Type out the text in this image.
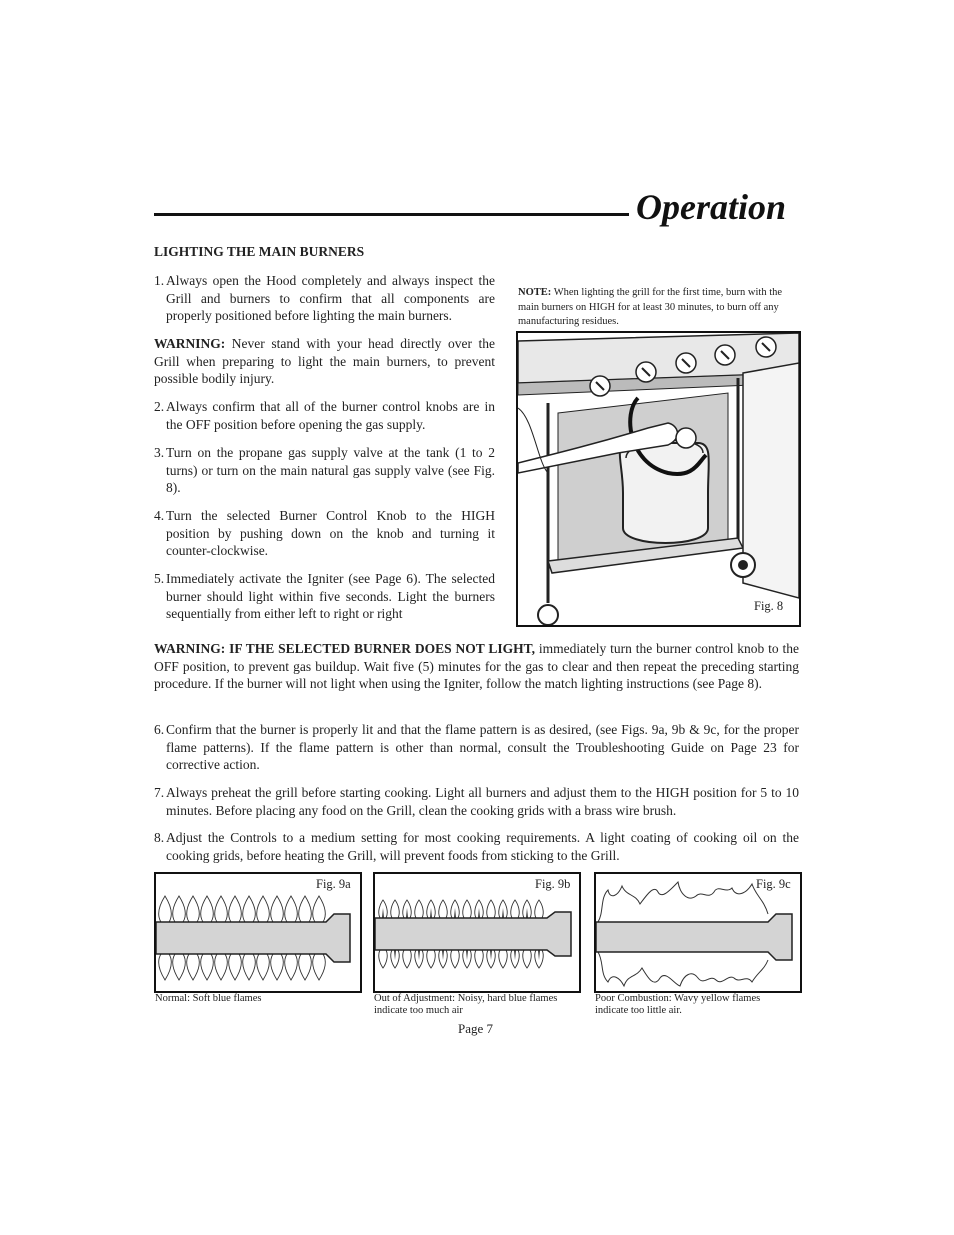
Operation
LIGHTING THE MAIN BURNERS
1. Always open the Hood completely and always inspect the Grill and burners to confirm that all components are properly positioned before lighting the main burners.
WARNING: Never stand with your head directly over the Grill when preparing to light the main burners, to prevent possible bodily injury.
2. Always confirm that all of the burner control knobs are in the OFF position before opening the gas supply.
3. Turn on the propane gas supply valve at the tank (1 to 2 turns) or turn on the main natural gas supply valve (see Fig. 8).
4. Turn the selected Burner Control Knob to the HIGH position by pushing down on the knob and turning it counter-clockwise.
5. Immediately activate the Igniter (see Page 6). The selected burner should light within five seconds. Light the burners sequentially from either left to right or right
NOTE: When lighting the grill for the first time, burn with the main burners on HIGH for at least 30 minutes, to burn off any manufacturing residues.
Fig. 8
WARNING: IF THE SELECTED BURNER DOES NOT LIGHT, immediately turn the burner control knob to the OFF position, to prevent gas buildup. Wait five (5) minutes for the gas to clear and then repeat the preceding starting procedure. If the burner will not light when using the Igniter, follow the match lighting instructions (see Page 8).
6. Confirm that the burner is properly lit and that the flame pattern is as desired, (see Figs. 9a, 9b & 9c, for the proper flame patterns). If the flame pattern is other than normal, consult the Troubleshooting Guide on Page 23 for corrective action.
7. Always preheat the grill before starting cooking. Light all burners and adjust them to the HIGH position for 5 to 10 minutes. Before placing any food on the Grill, clean the cooking grids with a brass wire brush.
8. Adjust the Controls to a medium setting for most cooking requirements. A light coating of cooking oil on the cooking grids, before heating the Grill, will prevent foods from sticking to the Grill.
Fig. 9a
Normal: Soft blue flames
Fig. 9b
Out of Adjustment: Noisy, hard blue flames indicate too much air
Fig. 9c
Poor Combustion: Wavy yellow flames indicate too little air.
Page 7
